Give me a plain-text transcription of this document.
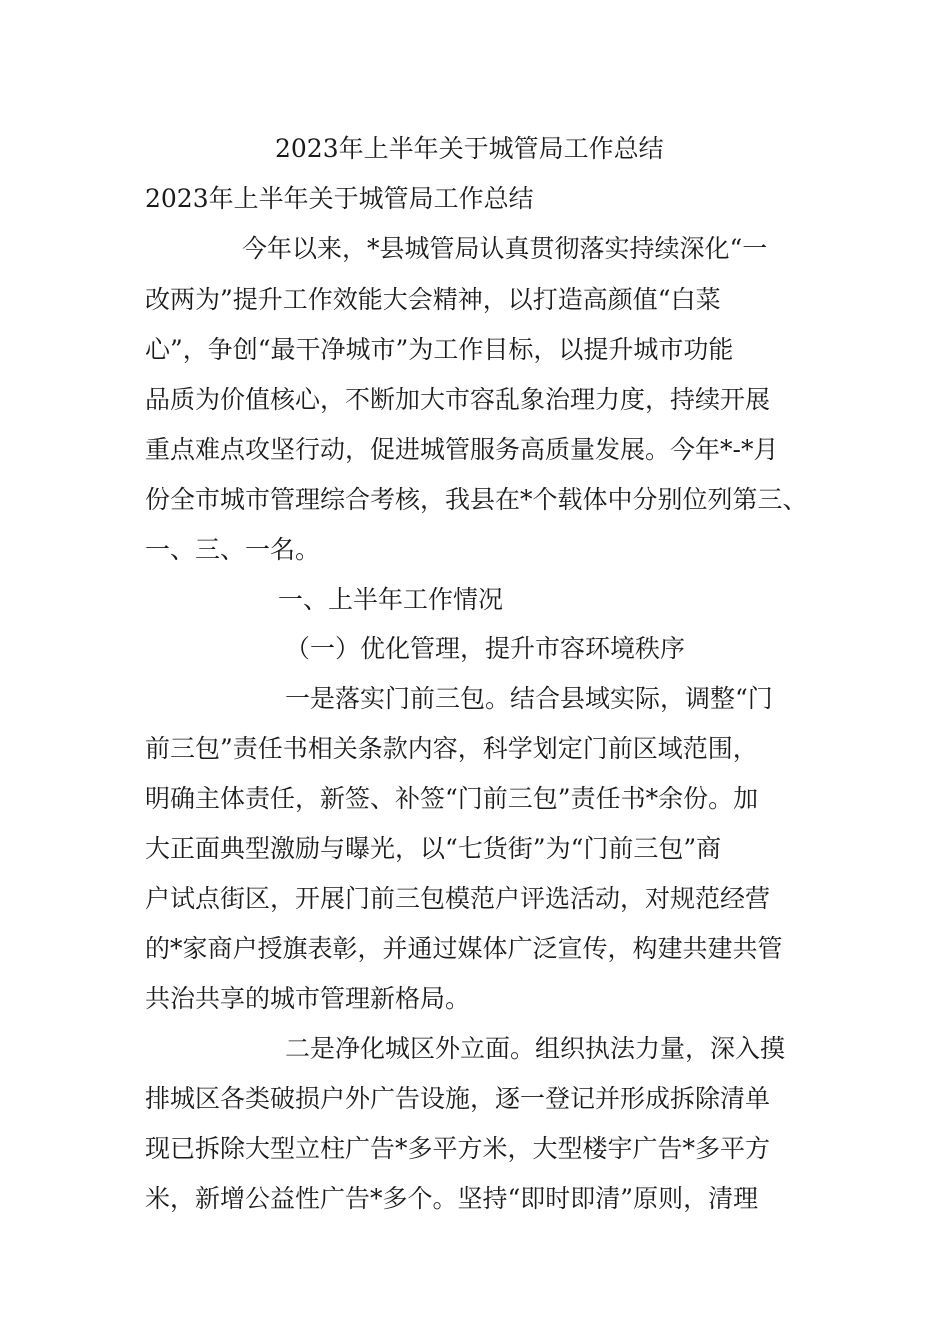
2023年上半年关于城管局工作总结
2023年上半年关于城管局工作总结
今年以来，*县城管局认真贯彻落实持续深化“一
改两为”提升工作效能大会精神，以打造高颜值“白菜
心”，争创“最干净城市”为工作目标，以提升城市功能
品质为价值核心，不断加大市容乱象治理力度，持续开展
重点难点攻坚行动，促进城管服务高质量发展。今年*-*月
份全市城市管理综合考核，我县在*个载体中分别位列第三、
一、三、一名。
一、上半年工作情况
（一）优化管理，提升市容环境秩序
一是落实门前三包。结合县域实际，调整“门
前三包”责任书相关条款内容，科学划定门前区域范围，
明确主体责任，新签、补签“门前三包”责任书*余份。加
大正面典型激励与曝光，以“七货街”为“门前三包”商
户试点街区，开展门前三包模范户评选活动，对规范经营
的*家商户授旗表彰，并通过媒体广泛宣传，构建共建共管
共治共享的城市管理新格局。
二是净化城区外立面。组织执法力量，深入摸
排城区各类破损户外广告设施，逐一登记并形成拆除清单
现已拆除大型立柱广告*多平方米，大型楼宇广告*多平方
米，新增公益性广告*多个。坚持“即时即清”原则，清理
